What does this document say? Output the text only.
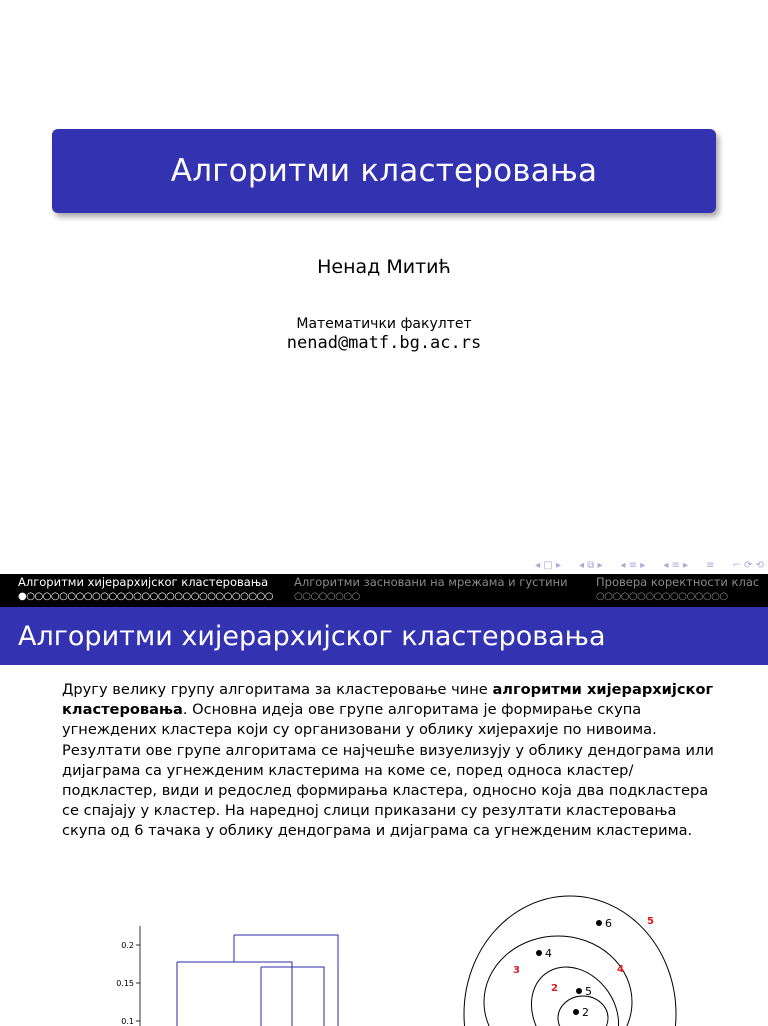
Алгоритми кластеровања
Ненад Митић
Математички факултет
nenad@matf.bg.ac.rs
◂ □ ▸ ◂ ⧉ ▸ ◂ ≡ ▸ ◂ ≡ ▸ ≡ ⌐ ⟳ ⟲
Алгоритми хијерархијског кластеровања Алгоритми засновани на мрежама и густини Провера коректности клас
●○○○○○○○○○○○○○○○○○○○○○○○○○○○○○○ ○○○○○○○○	○○○○○○○○○○○○○○○○
Алгоритми хијерархијског кластеровања
Другу велику групу алгоритама за кластеровање чине алгоритми хијерархијског кластеровања. Основна идеја ове групе алгоритама је формирање скупа угнеждених кластера који су организовани у облику хијерахије по нивоима. Резултати ове групе алгоритама се најчешће визуелизују у облику дендограма или дијаграма са угнежденим кластерима на коме се, поред односа кластер/подкластер, види и редослед формирања кластера, односно која два подкластера се спајају у кластер. На наредној слици приказани су резултати кластеровања скупа од 6 тачака у облику дендограма и дијаграма са угнежденим кластерима.
0.2
0.15
0.1
6
4
5
2
5
3	4
2
